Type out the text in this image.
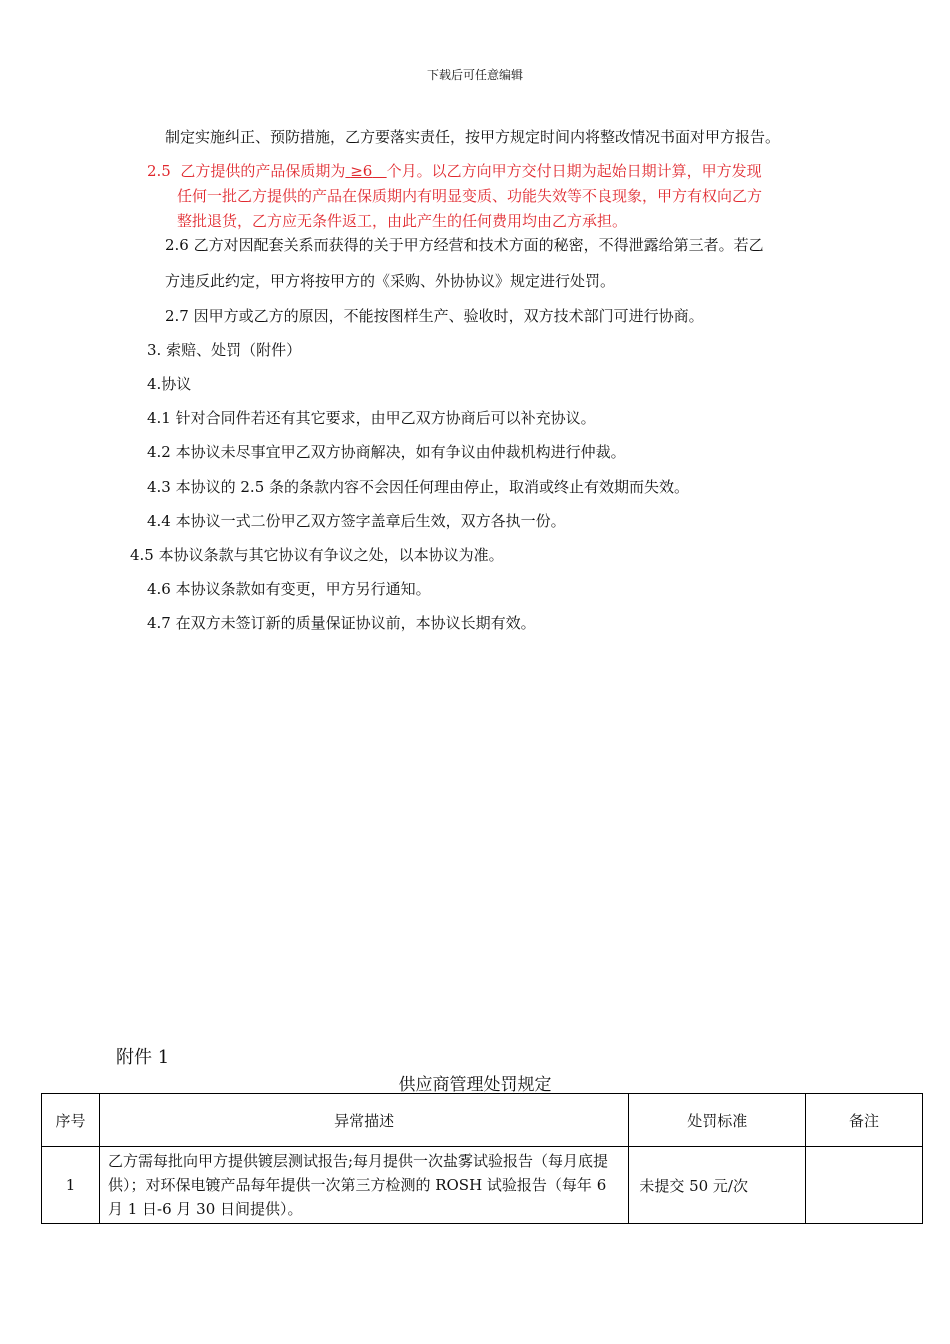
下载后可任意编辑
制定实施纠正、预防措施，乙方要落实责任，按甲方规定时间内将整改情况书面对甲方报告。
2.5 乙方提供的产品保质期为 ≥6 个月。以乙方向甲方交付日期为起始日期计算，甲方发现
任何一批乙方提供的产品在保质期内有明显变质、功能失效等不良现象，甲方有权向乙方
整批退货，乙方应无条件返工，由此产生的任何费用均由乙方承担。
2.6 乙方对因配套关系而获得的关于甲方经营和技术方面的秘密，不得泄露给第三者。若乙
方违反此约定，甲方将按甲方的《采购、外协协议》规定进行处罚。
2.7 因甲方或乙方的原因，不能按图样生产、验收时，双方技术部门可进行协商。
3. 索赔、处罚（附件）
4.协议
4.1 针对合同件若还有其它要求，由甲乙双方协商后可以补充协议。
4.2 本协议未尽事宜甲乙双方协商解决，如有争议由仲裁机构进行仲裁。
4.3 本协议的 2.5 条的条款内容不会因任何理由停止，取消或终止有效期而失效。
4.4 本协议一式二份甲乙双方签字盖章后生效，双方各执一份。
4.5 本协议条款与其它协议有争议之处，以本协议为准。
4.6 本协议条款如有变更，甲方另行通知。
4.7 在双方未签订新的质量保证协议前，本协议长期有效。
附件 1
供应商管理处罚规定
序号	异常描述	处罚标准	备注
1	乙方需每批向甲方提供镀层测试报告;每月提供一次盐雾试验报告（每月底提供）；对环保电镀产品每年提供一次第三方检测的 ROSH 试验报告（每年 6 月 1 日-6 月 30 日间提供）。	未提交 50 元/次	
